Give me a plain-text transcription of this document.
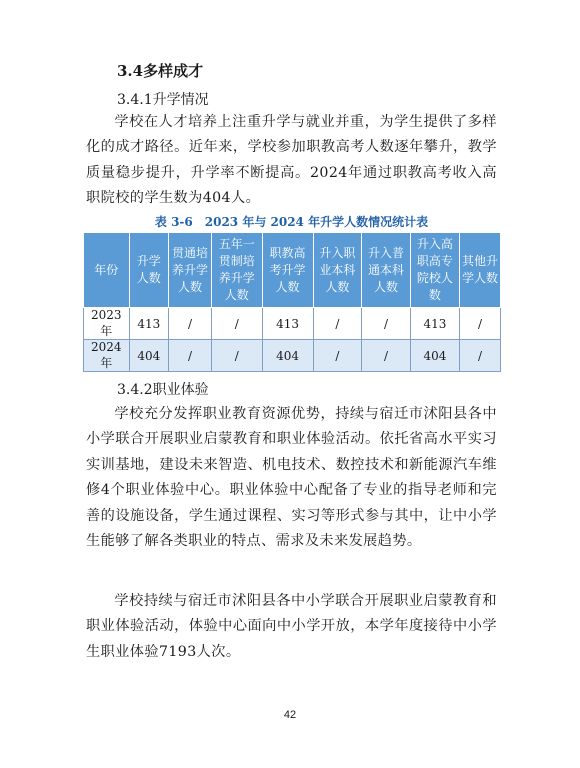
3.4多样成才
3.4.1升学情况

学校在人才培养上注重升学与就业并重，为学生提供了多样化的成才路径。近年来，学校参加职教高考人数逐年攀升，教学质量稳步提升，升学率不断提高。2024年通过职教高考收入高职院校的学生数为404人。

表 3-6　2023 年与 2024 年升学人数情况统计表
年份	升学人数	贯通培养升学人数	五年一贯制培养升学人数	职教高考升学人数	升入职业本科人数	升入普通本科人数	升入高职高专院校人数	其他升学人数
2023年	413	/	/	413	/	/	413	/
2024年	404	/	/	404	/	/	404	/
3.4.2职业体验

学校充分发挥职业教育资源优势，持续与宿迁市沭阳县各中小学联合开展职业启蒙教育和职业体验活动。依托省高水平实习实训基地，建设未来智造、机电技术、数控技术和新能源汽车维修4个职业体验中心。职业体验中心配备了专业的指导老师和完善的设施设备，学生通过课程、实习等形式参与其中，让中小学生能够了解各类职业的特点、需求及未来发展趋势。

学校持续与宿迁市沭阳县各中小学联合开展职业启蒙教育和职业体验活动，体验中心面向中小学开放，本学年度接待中小学生职业体验7193人次。

42
